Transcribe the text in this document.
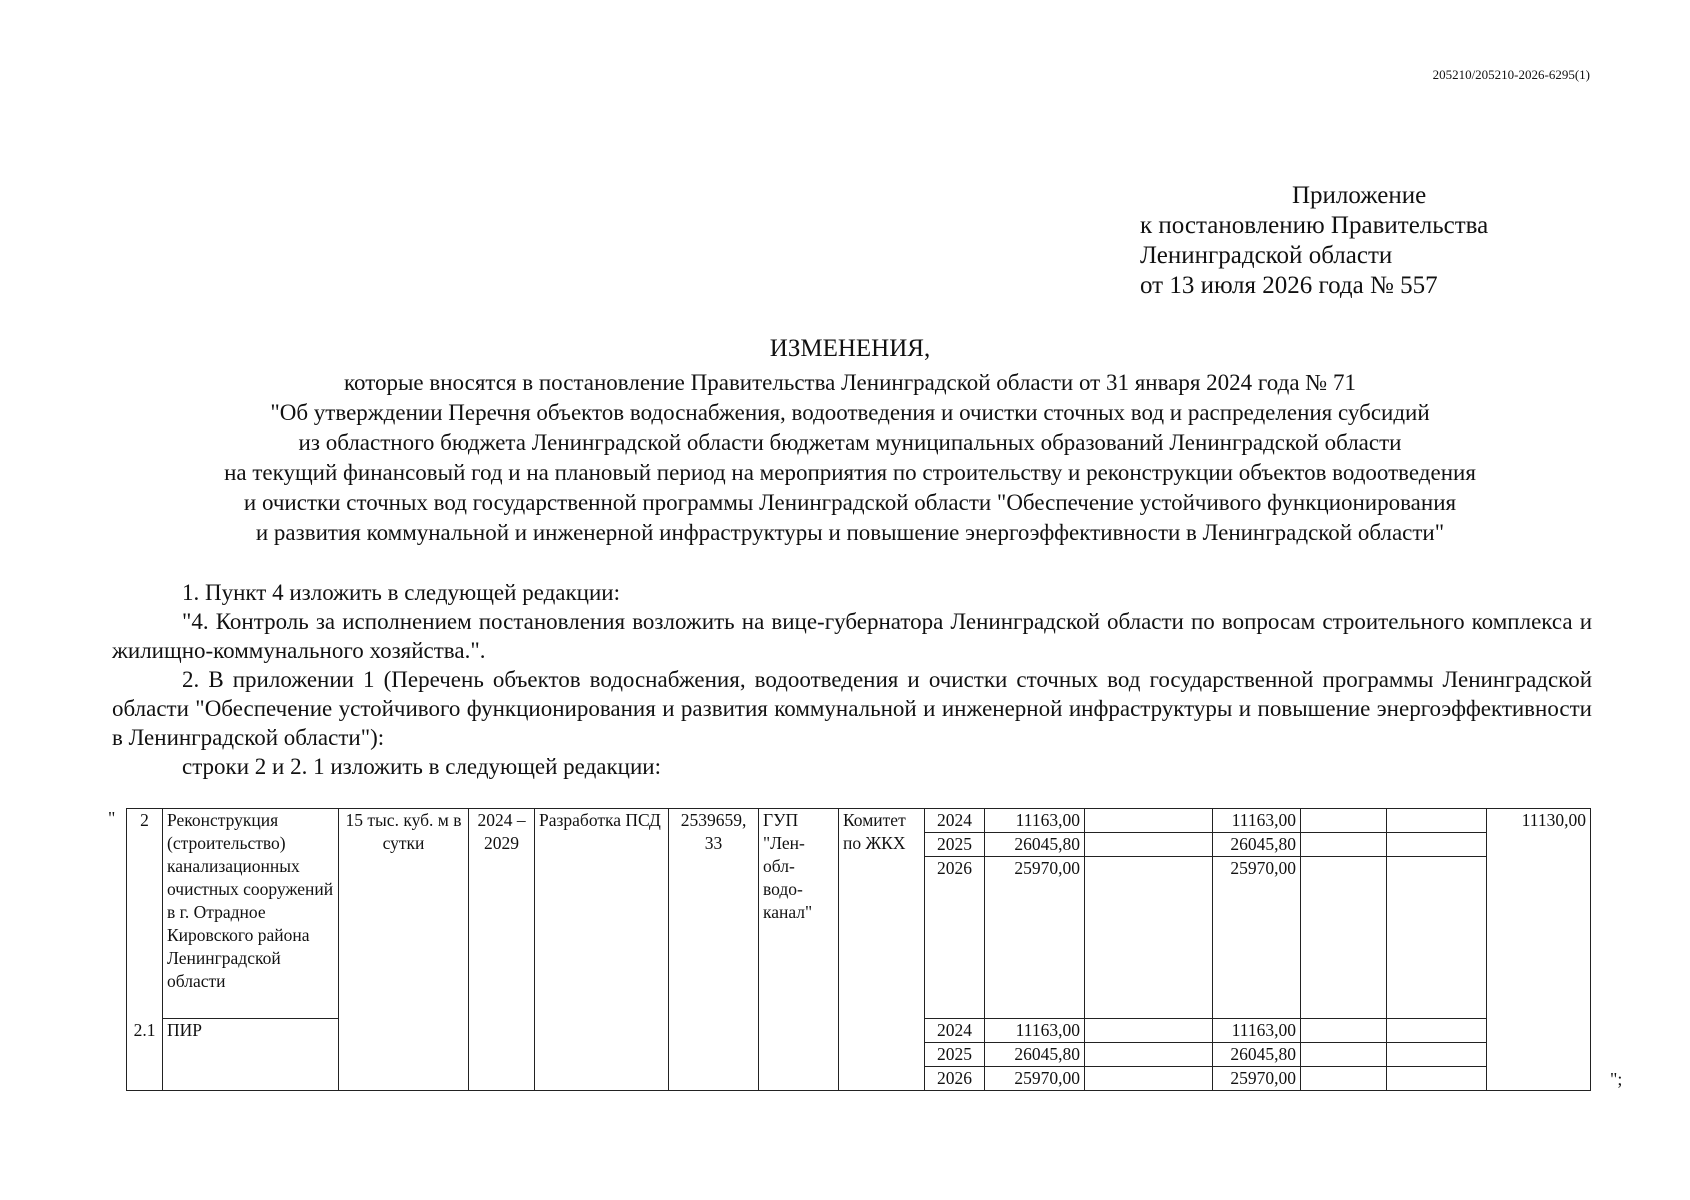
205210/205210-2026-6295(1)
Приложение
к постановлению Правительства
Ленинградской области
от 13 июля 2026 года № 557
ИЗМЕНЕНИЯ,
которые вносятся в постановление Правительства Ленинградской области от 31 января 2024 года № 71
"Об утверждении Перечня объектов водоснабжения, водоотведения и очистки сточных вод и распределения субсидий
из областного бюджета Ленинградской области бюджетам муниципальных образований Ленинградской области
на текущий финансовый год и на плановый период на мероприятия по строительству и реконструкции объектов водоотведения
и очистки сточных вод государственной программы Ленинградской области "Обеспечение устойчивого функционирования
и развития коммунальной и инженерной инфраструктуры и повышение энергоэффективности в Ленинградской области"

1. Пункт 4 изложить в следующей редакции:

"4. Контроль за исполнением постановления возложить на вице-губернатора Ленинградской области по вопросам строительного комплекса и жилищно-коммунального хозяйства.".

2. В приложении 1 (Перечень объектов водоснабжения, водоотведения и очистки сточных вод государственной программы Ленинградской области "Обеспечение устойчивого функционирования и развития коммунальной и инженерной инфраструктуры и повышение энергоэффективности в Ленинградской области"):

строки 2 и 2. 1 изложить в следующей редакции:

" 2	Реконструкция (строительство) канализационных очистных сооружений в г. Отрадное Кировского района Ленинградской области	15 тыс. куб. м в сутки	2024 – 2029	Разработка ПСД	2539659, 33	ГУП "Лен-обл-водо-канал"	Комитет по ЖКХ	2024	11163,00		11163,00			11130,00
								2025	26045,80		26045,80			
								2026	25970,00		25970,00			
2.1	ПИР							2024	11163,00		11163,00			
								2025	26045,80		26045,80			
								2026	25970,00		25970,00				";
